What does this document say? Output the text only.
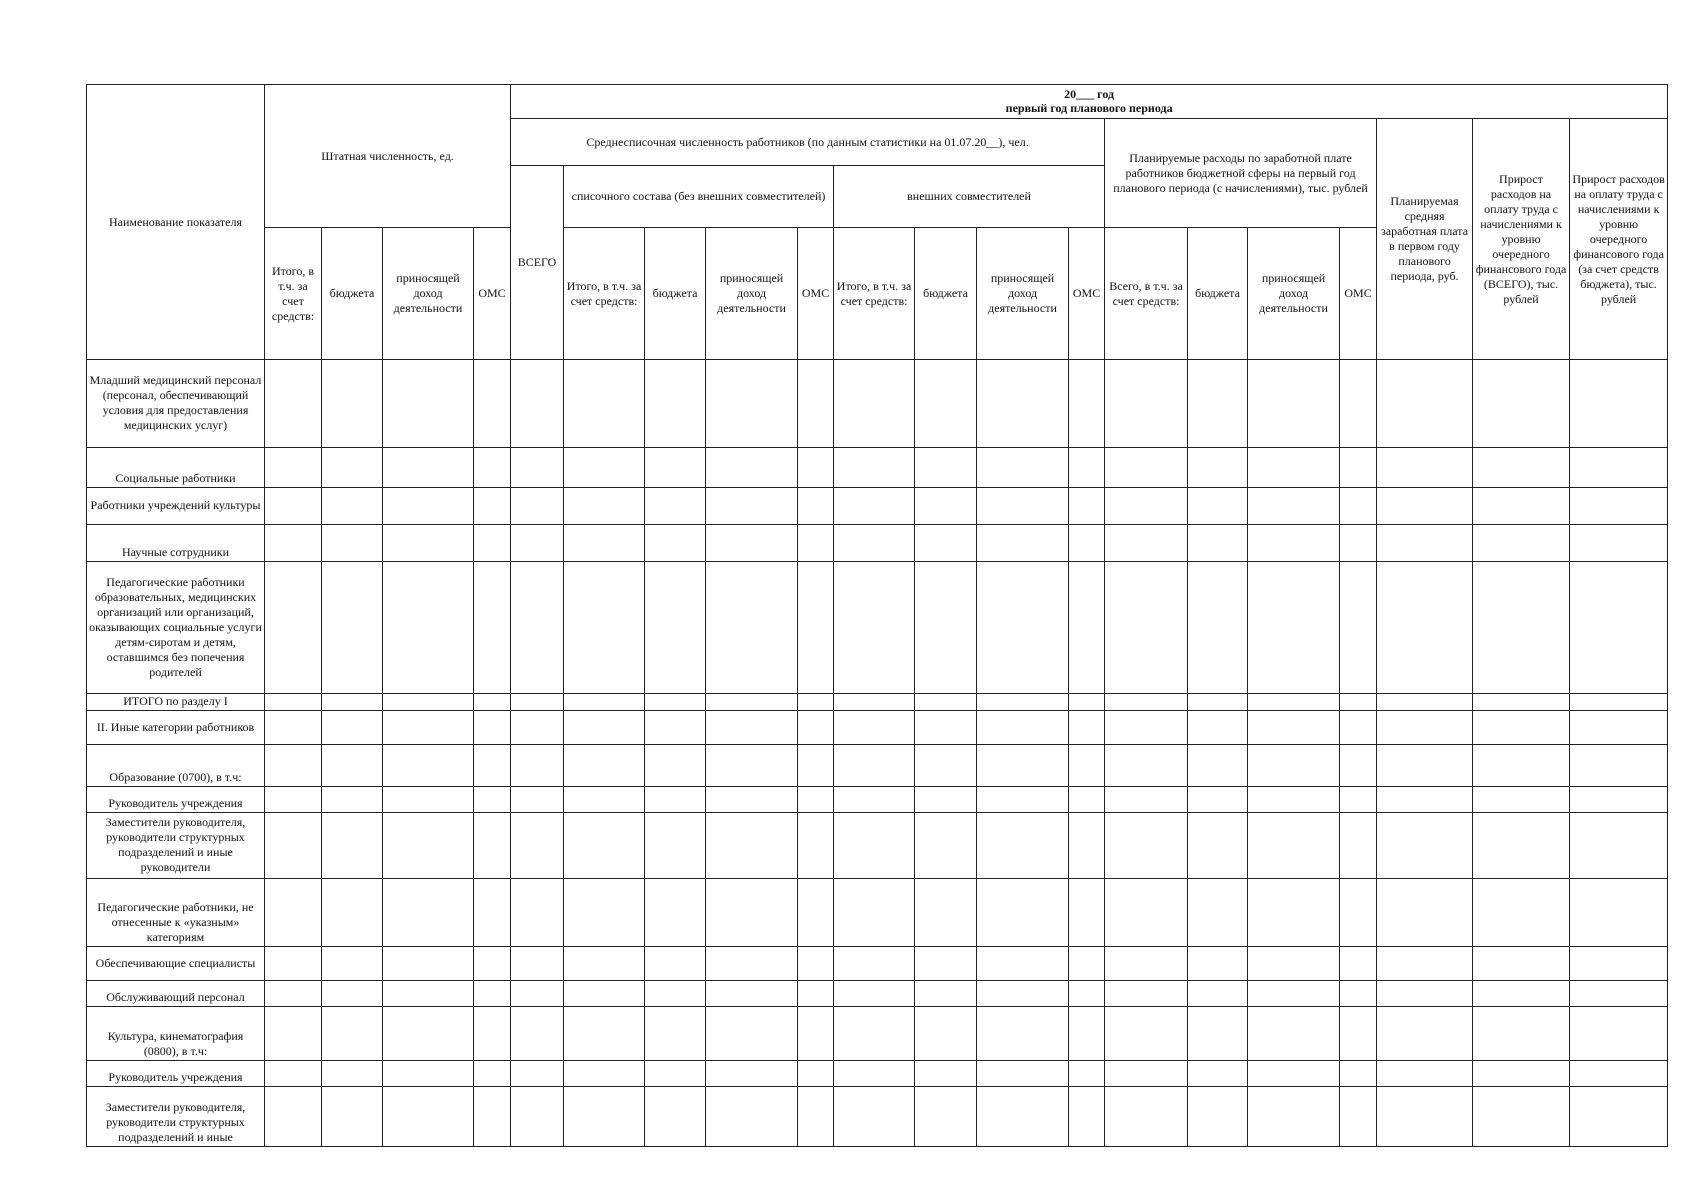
Наименование показателя	Штатная численность, ед.				20___ год
первый год планового периода															

					Среднесписочная численность работников (по данным статистики на 01.07.20__), чел.									Планируемые расходы по заработной плате работников бюджетной сферы на первый год планового периода (с начислениями), тыс. рублей				Планируемая средняя заработная плата в первом году планового периода, руб.	Прирост расходов на оплату труда с начислениями к уровню очередного финансового года (ВСЕГО), тыс. рублей	Прирост расходов на оплату труда с начислениями к уровню очередного финансового года (за счет средств бюджета), тыс. рублей
					ВСЕГО	списочного состава (без внешних совместителей)				внешних совместителей										
	Итого, в т.ч. за счет средств:	бюджета	приносящей доход деятельности	ОМС		Итого, в т.ч. за счет средств:	бюджета	приносящей доход деятельности	ОМС	Итого, в т.ч. за счет средств:	бюджета	приносящей доход деятельности	ОМС	Всего, в т.ч. за счет средств:	бюджета	приносящей доход деятельности	ОМС			
Младший медицинский персонал (персонал, обеспечивающий условия для предоставления медицинских услуг)																				
Социальные работники																				
Работники учреждений культуры																				
Научные сотрудники																				
Педагогические работники образовательных, медицинских организаций или организаций, оказывающих социальные услуги детям-сиротам и детям, оставшимся без попечения родителей																				
ИТОГО по разделу I																				
II. Иные категории работников																				
Образование (0700), в т.ч:																				
Руководитель учреждения																				
Заместители руководителя, руководители структурных подразделений и иные руководители																				
Педагогические работники, не отнесенные к «указным» категориям																				
Обеспечивающие специалисты																				
Обслуживающий персонал																				
Культура, кинематография (0800), в т.ч:																				
Руководитель учреждения																				
Заместители руководителя, руководители структурных подразделений и иные																				
